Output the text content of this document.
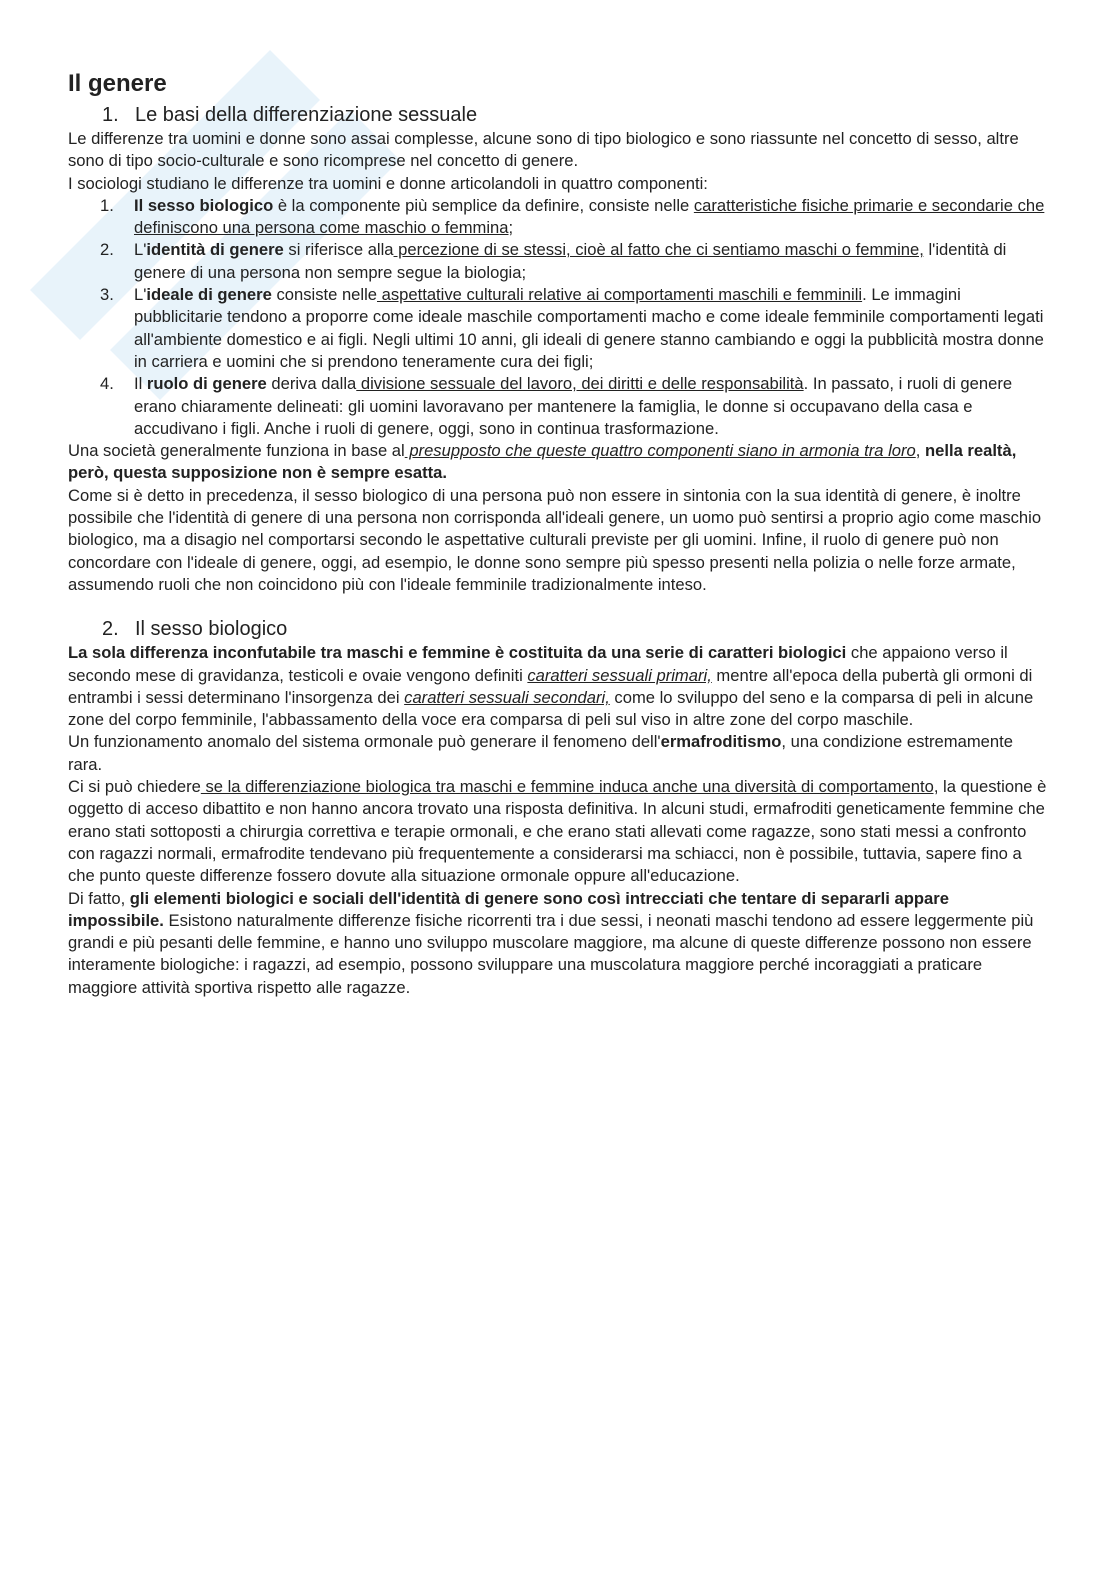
Il genere
1. Le basi della differenziazione sessuale

Le differenze tra uomini e donne sono assai complesse, alcune sono di tipo biologico e sono riassunte nel concetto di sesso, altre sono di tipo socio-culturale e sono ricomprese nel concetto di genere.

I sociologi studiano le differenze tra uomini e donne articolandoli in quattro componenti:

1. Il sesso biologico è la componente più semplice da definire, consiste nelle caratteristiche fisiche primarie e secondarie che definiscono una persona come maschio o femmina;
2. L'identità di genere si riferisce alla percezione di se stessi, cioè al fatto che ci sentiamo maschi o femmine, l'identità di genere di una persona non sempre segue la biologia;
3. L'ideale di genere consiste nelle aspettative culturali relative ai comportamenti maschili e femminili. Le immagini pubblicitarie tendono a proporre come ideale maschile comportamenti macho e come ideale femminile comportamenti legati all'ambiente domestico e ai figli. Negli ultimi 10 anni, gli ideali di genere stanno cambiando e oggi la pubblicità mostra donne in carriera e uomini che si prendono teneramente cura dei figli;
4. Il ruolo di genere deriva dalla divisione sessuale del lavoro, dei diritti e delle responsabilità. In passato, i ruoli di genere erano chiaramente delineati: gli uomini lavoravano per mantenere la famiglia, le donne si occupavano della casa e accudivano i figli. Anche i ruoli di genere, oggi, sono in continua trasformazione.

Una società generalmente funziona in base al presupposto che queste quattro componenti siano in armonia tra loro, nella realtà, però, questa supposizione non è sempre esatta.

Come si è detto in precedenza, il sesso biologico di una persona può non essere in sintonia con la sua identità di genere, è inoltre possibile che l'identità di genere di una persona non corrisponda all'ideali genere, un uomo può sentirsi a proprio agio come maschio biologico, ma a disagio nel comportarsi secondo le aspettative culturali previste per gli uomini. Infine, il ruolo di genere può non concordare con l'ideale di genere, oggi, ad esempio, le donne sono sempre più spesso presenti nella polizia o nelle forze armate, assumendo ruoli che non coincidono più con l'ideale femminile tradizionalmente inteso.

2. Il sesso biologico

La sola differenza inconfutabile tra maschi e femmine è costituita da una serie di caratteri biologici che appaiono verso il secondo mese di gravidanza, testicoli e ovaie vengono definiti caratteri sessuali primari, mentre all'epoca della pubertà gli ormoni di entrambi i sessi determinano l'insorgenza dei caratteri sessuali secondari, come lo sviluppo del seno e la comparsa di peli in alcune zone del corpo femminile, l'abbassamento della voce era comparsa di peli sul viso in altre zone del corpo maschile.

Un funzionamento anomalo del sistema ormonale può generare il fenomeno dell'ermafroditismo, una condizione estremamente rara.

Ci si può chiedere se la differenziazione biologica tra maschi e femmine induca anche una diversità di comportamento, la questione è oggetto di acceso dibattito e non hanno ancora trovato una risposta definitiva. In alcuni studi, ermafroditi geneticamente femmine che erano stati sottoposti a chirurgia correttiva e terapie ormonali, e che erano stati allevati come ragazze, sono stati messi a confronto con ragazzi normali, ermafrodite tendevano più frequentemente a considerarsi ma schiacci, non è possibile, tuttavia, sapere fino a che punto queste differenze fossero dovute alla situazione ormonale oppure all'educazione.

Di fatto, gli elementi biologici e sociali dell'identità di genere sono così intrecciati che tentare di separarli appare impossibile. Esistono naturalmente differenze fisiche ricorrenti tra i due sessi, i neonati maschi tendono ad essere leggermente più grandi e più pesanti delle femmine, e hanno uno sviluppo muscolare maggiore, ma alcune di queste differenze possono non essere interamente biologiche: i ragazzi, ad esempio, possono sviluppare una muscolatura maggiore perché incoraggiati a praticare maggiore attività sportiva rispetto alle ragazze.
